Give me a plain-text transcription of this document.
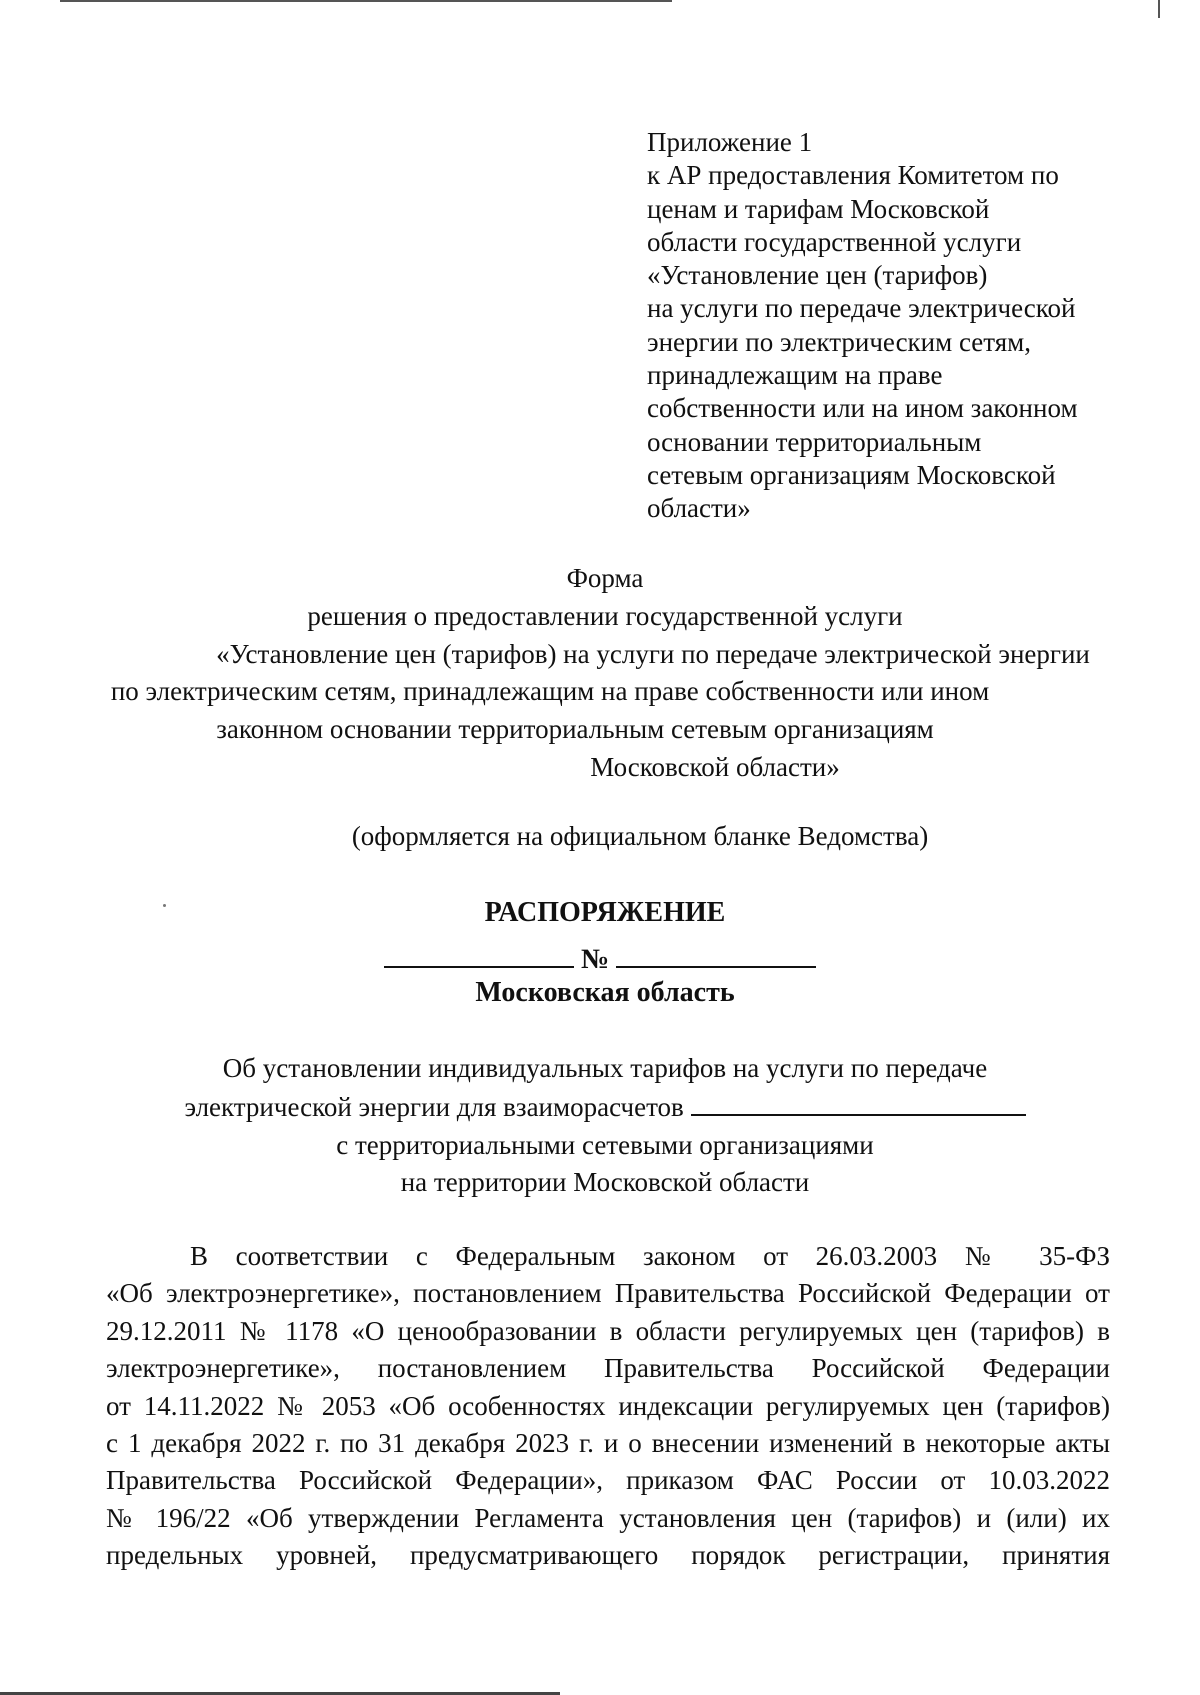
Приложение 1
к АР предоставления Комитетом по
ценам и тарифам Московской
области государственной услуги
«Установление цен (тарифов)
на услуги по передаче электрической
энергии по электрическим сетям,
принадлежащим на праве
собственности или на ином законном
основании территориальным
сетевым организациям Московской
области»
Форма
решения о предоставлении государственной услуги
«Установление цен (тарифов) на услуги по передаче электрической энергии
по электрическим сетям, принадлежащим на праве собственности или ином
законном основании территориальным сетевым организациям
Московской области»
(оформляется на официальном бланке Ведомства)
РАСПОРЯЖЕНИЕ
№
Московская область
Об установлении индивидуальных тарифов на услуги по передаче
электрической энергии для взаиморасчетов
с территориальными сетевыми организациями
на территории Московской области
В соответствии с Федеральным законом от 26.03.2003 № 35-ФЗ
«Об электроэнергетике», постановлением Правительства Российской Федерации от
29.12.2011 № 1178 «О ценообразовании в области регулируемых цен (тарифов) в
электроэнергетике», постановлением Правительства Российской Федерации
от 14.11.2022 № 2053 «Об особенностях индексации регулируемых цен (тарифов)
с 1 декабря 2022 г. по 31 декабря 2023 г. и о внесении изменений в некоторые акты
Правительства Российской Федерации», приказом ФАС России от 10.03.2022
№ 196/22 «Об утверждении Регламента установления цен (тарифов) и (или) их
предельных уровней, предусматривающего порядок регистрации, принятия
